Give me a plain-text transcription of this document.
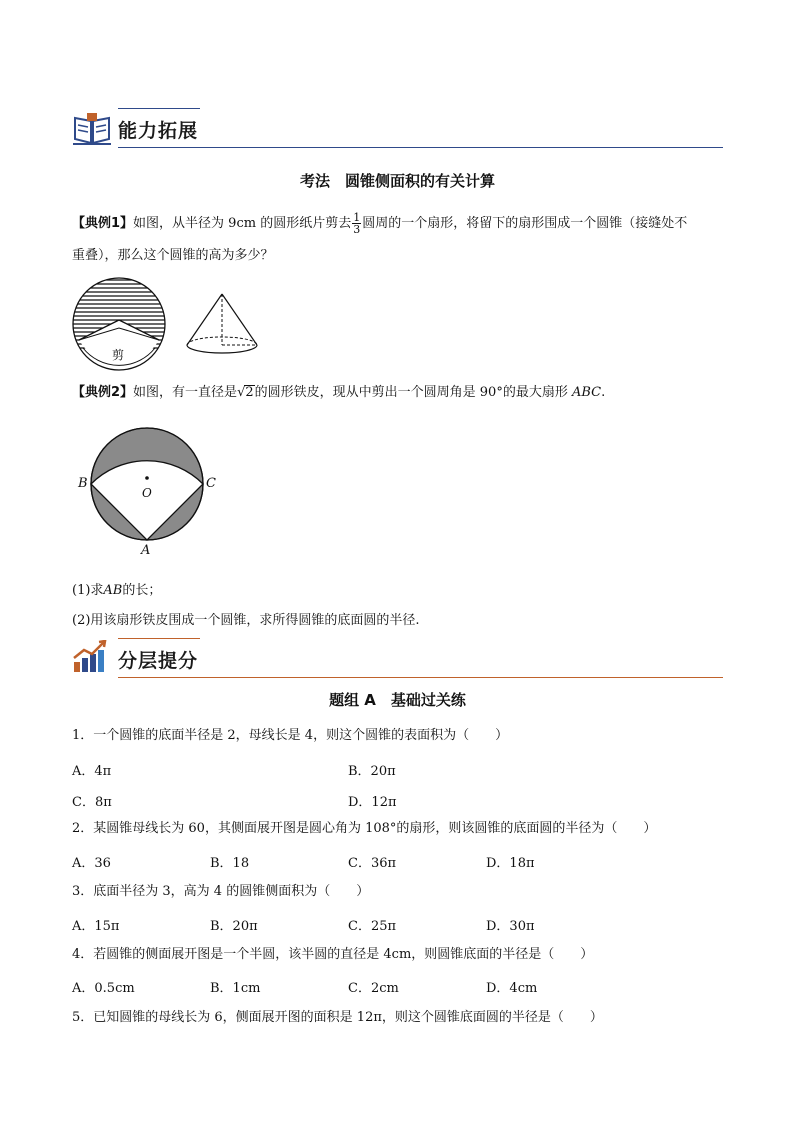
能力拓展
考法　圆锥侧面积的有关计算
【典例1】如图，从半径为 9cm 的圆形纸片剪去 $\frac{1}{3}$ 圆周的一个扇形，将留下的扇形围成一个圆锥（接缝处不
重叠），那么这个圆锥的高为多少？
剪
【典例2】如图，有一直径是√2的圆形铁皮，现从中剪出一个圆周角是 90°的最大扇形 ABC.
B	C
O
A
(1)求AB的长；
(2)用该扇形铁皮围成一个圆锥，求所得圆锥的底面圆的半径.
分层提分
题组 A　基础过关练
1．一个圆锥的底面半径是 2，母线长是 4，则这个圆锥的表面积为（　　）
A．4π	B．20π
C．8π	D．12π
2．某圆锥母线长为 60，其侧面展开图是圆心角为 108°的扇形，则该圆锥的底面圆的半径为（　　）
A．36	B．18	C．36π	D．18π
3．底面半径为 3，高为 4 的圆锥侧面积为（　　）
A．15π	B．20π	C．25π	D．30π
4．若圆锥的侧面展开图是一个半圆，该半圆的直径是 4cm，则圆锥底面的半径是（　　）
A．0.5cm	B．1cm	C．2cm	D．4cm
5．已知圆锥的母线长为 6，侧面展开图的面积是 12π，则这个圆锥底面圆的半径是（　　）
